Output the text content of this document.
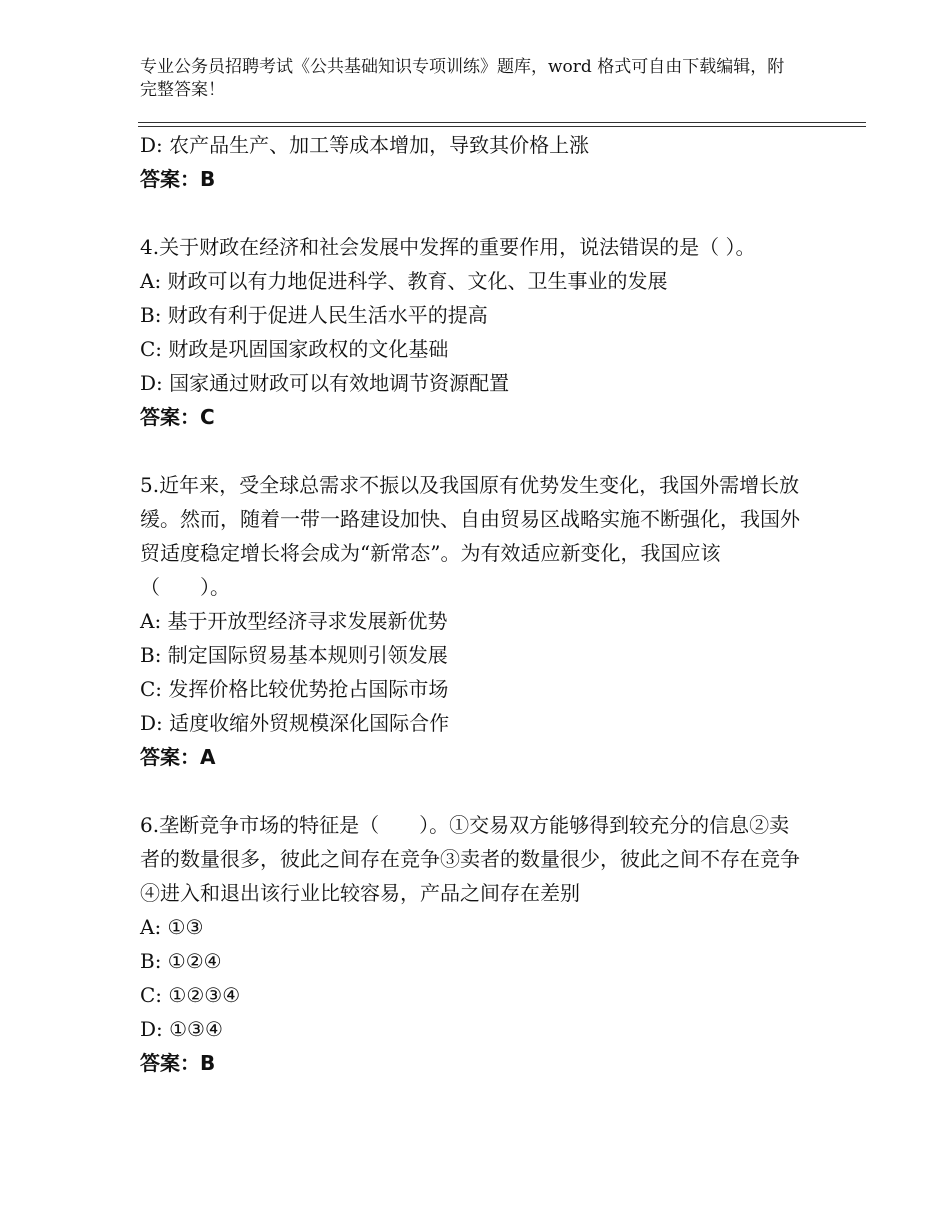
专业公务员招聘考试《公共基础知识专项训练》题库，word 格式可自由下载编辑，附完整答案！
D: 农产品生产、加工等成本增加，导致其价格上涨
答案：B
4.关于财政在经济和社会发展中发挥的重要作用，说法错误的是（ ）。
A: 财政可以有力地促进科学、教育、文化、卫生事业的发展
B: 财政有利于促进人民生活水平的提高
C: 财政是巩固国家政权的文化基础
D: 国家通过财政可以有效地调节资源配置
答案：C
5.近年来，受全球总需求不振以及我国原有优势发生变化，我国外需增长放缓。然而，随着一带一路建设加快、自由贸易区战略实施不断强化，我国外贸适度稳定增长将会成为“新常态”。为有效适应新变化，我国应该（　　）。
A: 基于开放型经济寻求发展新优势
B: 制定国际贸易基本规则引领发展
C: 发挥价格比较优势抢占国际市场
D: 适度收缩外贸规模深化国际合作
答案：A
6.垄断竞争市场的特征是（　　）。①交易双方能够得到较充分的信息②卖者的数量很多，彼此之间存在竞争③卖者的数量很少，彼此之间不存在竞争④进入和退出该行业比较容易，产品之间存在差别
A: ①③
B: ①②④
C: ①②③④
D: ①③④
答案：B
